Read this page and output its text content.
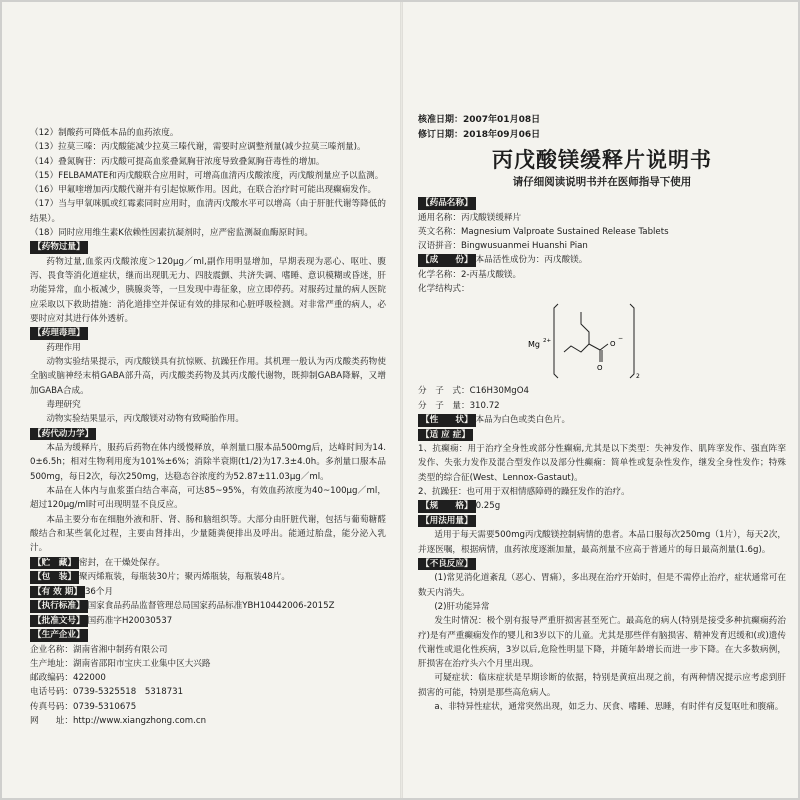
（12）制酸药可降低本品的血药浓度。

（13）拉莫三嗪：丙戊酸能减少拉莫三嗪代谢，需要时应调整剂量(减少拉莫三嗪剂量)。

（14）叠氮胸苷：丙戊酸可提高血浆叠氮胸苷浓度导致叠氮胸苷毒性的增加。

（15）FELBAMATE和丙戊酸联合应用时，可增高血清丙戊酸浓度，丙戊酸剂量应予以监测。

（16）甲氟喹增加丙戊酸代谢并有引起惊厥作用。因此，在联合治疗时可能出现癫痫发作。

（17）当与甲氧咪胍或红霉素同时应用时，血清丙戊酸水平可以增高（由于肝脏代谢等降低的结果）。

（18）同时应用维生素K依赖性因素抗凝剂时，应严密监测凝血酶原时间。

【药物过量】

药物过量,血浆丙戊酸浓度＞120μg／ml,副作用明显增加，早期表现为恶心、呕吐、腹泻、畏食等消化道症状，继而出现肌无力、四肢震颤、共济失调、嗜睡、意识模糊或昏迷，肝功能异常，血小板减少，胰腺炎等，一旦发现中毒征象，应立即停药。对服药过量的病人医院应采取以下救助措施：消化道排空并保证有效的排尿和心脏呼吸检测。对非常严重的病人，必要时应对其进行体外透析。

【药理毒理】

药理作用

动物实验结果提示，丙戊酸镁具有抗惊厥、抗躁狂作用。其机理一般认为丙戊酸类药物使全脑或脑神经末梢GABA部升高，丙戊酸类药物及其丙戊酸代谢物，既抑制GABA降解，又增加GABA合成。

毒理研究

动物实验结果显示，丙戊酸镁对动物有致畸胎作用。

【药代动力学】

本品为缓释片，服药后药物在体内缓慢释放，单剂量口服本品500mg后，达峰时间为14.0±6.5h；相对生物利用度为101%±6%；消除半衰期(t1/2)为17.3±4.0h。多剂量口服本品500mg，每日2次，每次250mg，达稳态谷浓度约为52.87±11.03μg／ml。

本品在人体内与血浆蛋白结合率高，可达85~95%，有效血药浓度为40~100μg／ml，超过120μg/ml时可出现明显不良反应。

本品主要分布在细胞外液和肝、肾、肠和脑组织等。大部分由肝脏代谢，包括与葡萄糖醛酸结合和某些氧化过程，主要由肾排出，少量随粪便排出及呼出。能通过胎盘，能分泌入乳汁。

【贮　藏】 密封，在干燥处保存。
【包　装】 聚丙烯瓶装，每瓶装30片；聚丙烯瓶装，每瓶装48片。
【有 效 期】 36个月
【执行标准】 国家食品药品监督管理总局国家药品标准YBH10442006-2015Z
【批准文号】 国药准字H20030537
【生产企业】
企业名称： 湖南省湘中制药有限公司
生产地址： 湖南省邵阳市宝庆工业集中区大兴路
邮政编码： 422000
电话号码： 0739-5325518　5318731
传真号码： 0739-5310675
网　　址： http://www.xiangzhong.com.cn
核准日期：2007年01月08日
修订日期：2018年09月06日
丙戊酸镁缓释片说明书
请仔细阅读说明书并在医师指导下使用
【药品名称】
通用名称： 丙戊酸镁缓释片
英文名称： Magnesium Valproate Sustained Release Tablets
汉语拼音： Bingwusuanmei Huanshi Pian
【成　　份】 本品活性成份为：丙戊酸镁。
化学名称：2-丙基戊酸镁。
化学结构式：
Mg 2+
2
O
O
−
分　子　式：C16H30MgO4
分　子　量：310.72
【性　　状】 本品为白色或类白色片。
【适 应 症】

1、抗癫痫：用于治疗全身性或部分性癫痫,尤其是以下类型：失神发作、肌阵挛发作、强直阵挛发作、失张力发作及混合型发作以及部分性癫痫：简单性或复杂性发作，继发全身性发作；特殊类型的综合征(West、Lennox-Gastaut)。

2、抗躁狂：也可用于双相情感障碍的躁狂发作的治疗。

【规　　格】 0.25g
【用法用量】

适用于每天需要500mg丙戊酸镁控制病情的患者。本品口服每次250mg（1片），每天2次，并逐医嘱，根据病情，血药浓度逐渐加量，最高剂量不应高于普通片的每日最高剂量(1.6g)。

【不良反应】

(1)常见消化道紊乱（恶心、胃痛），多出现在治疗开始时，但是不需停止治疗，症状通常可在数天内消失。

(2)肝功能异常

发生时情况：极个别有报导严重肝损害甚至死亡。最高危的病人(特别是接受多种抗癫痫药治疗)是有严重癫痫发作的婴儿和3岁以下的儿童。尤其是那些伴有脑损害、精神发育迟缓和(或)遗传代谢性或退化性疾病，3岁以后,危险性明显下降，并随年龄增长而进一步下降。在大多数病例，肝损害在治疗头六个月里出现。

可疑症状：临床症状是早期诊断的依据，特别是黄疸出现之前，有两种情况提示应考虑到肝损害的可能，特别是那些高危病人。

a、非特异性症状，通常突然出现，如乏力、厌食、嗜睡、思睡，有时伴有反复呕吐和腹痛。
